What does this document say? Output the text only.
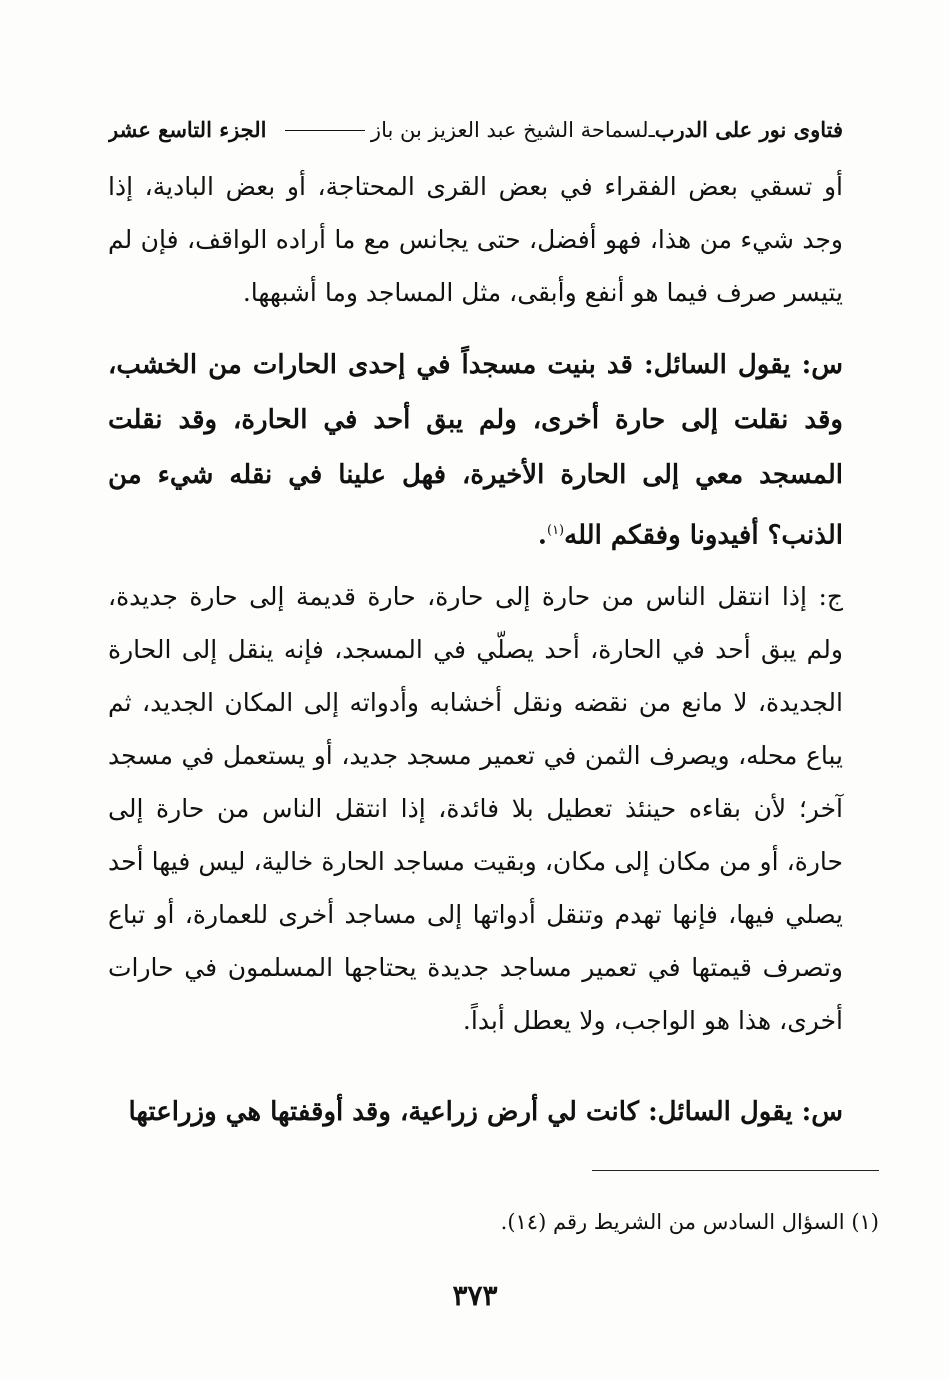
فتاوى نور على الدرب
ـ
لسماحة الشيخ عبد العزيز بن باز
الجزء التاسع عشر
أو تسقي بعض الفقراء في بعض القرى المحتاجة، أو بعض البادية، إذا وجد شيء من هذا، فهو أفضل، حتى يجانس مع ما أراده الواقف، فإن لم يتيسر صرف فيما هو أنفع وأبقى، مثل المساجد وما أشبهها.
س: يقول السائل: قد بنيت مسجداً في إحدى الحارات من الخشب، وقد نقلت إلى حارة أخرى، ولم يبق أحد في الحارة، وقد نقلت المسجد معي إلى الحارة الأخيرة، فهل علينا في نقله شيء من الذنب؟ أفيدونا وفقكم الله$^{(١)}$.
ج: إذا انتقل الناس من حارة إلى حارة، حارة قديمة إلى حارة جديدة، ولم يبق أحد في الحارة، أحد يصلّي في المسجد، فإنه ينقل إلى الحارة الجديدة، لا مانع من نقضه ونقل أخشابه وأدواته إلى المكان الجديد، ثم يباع محله، ويصرف الثمن في تعمير مسجد جديد، أو يستعمل في مسجد آخر؛ لأن بقاءه حينئذ تعطيل بلا فائدة، إذا انتقل الناس من حارة إلى حارة، أو من مكان إلى مكان، وبقيت مساجد الحارة خالية، ليس فيها أحد يصلي فيها، فإنها تهدم وتنقل أدواتها إلى مساجد أخرى للعمارة، أو تباع وتصرف قيمتها في تعمير مساجد جديدة يحتاجها المسلمون في حارات أخرى، هذا هو الواجب، ولا يعطل أبداً.
س: يقول السائل: كانت لي أرض زراعية، وقد أوقفتها هي وزراعتها
(١) السؤال السادس من الشريط رقم (١٤).
٣٧٣
